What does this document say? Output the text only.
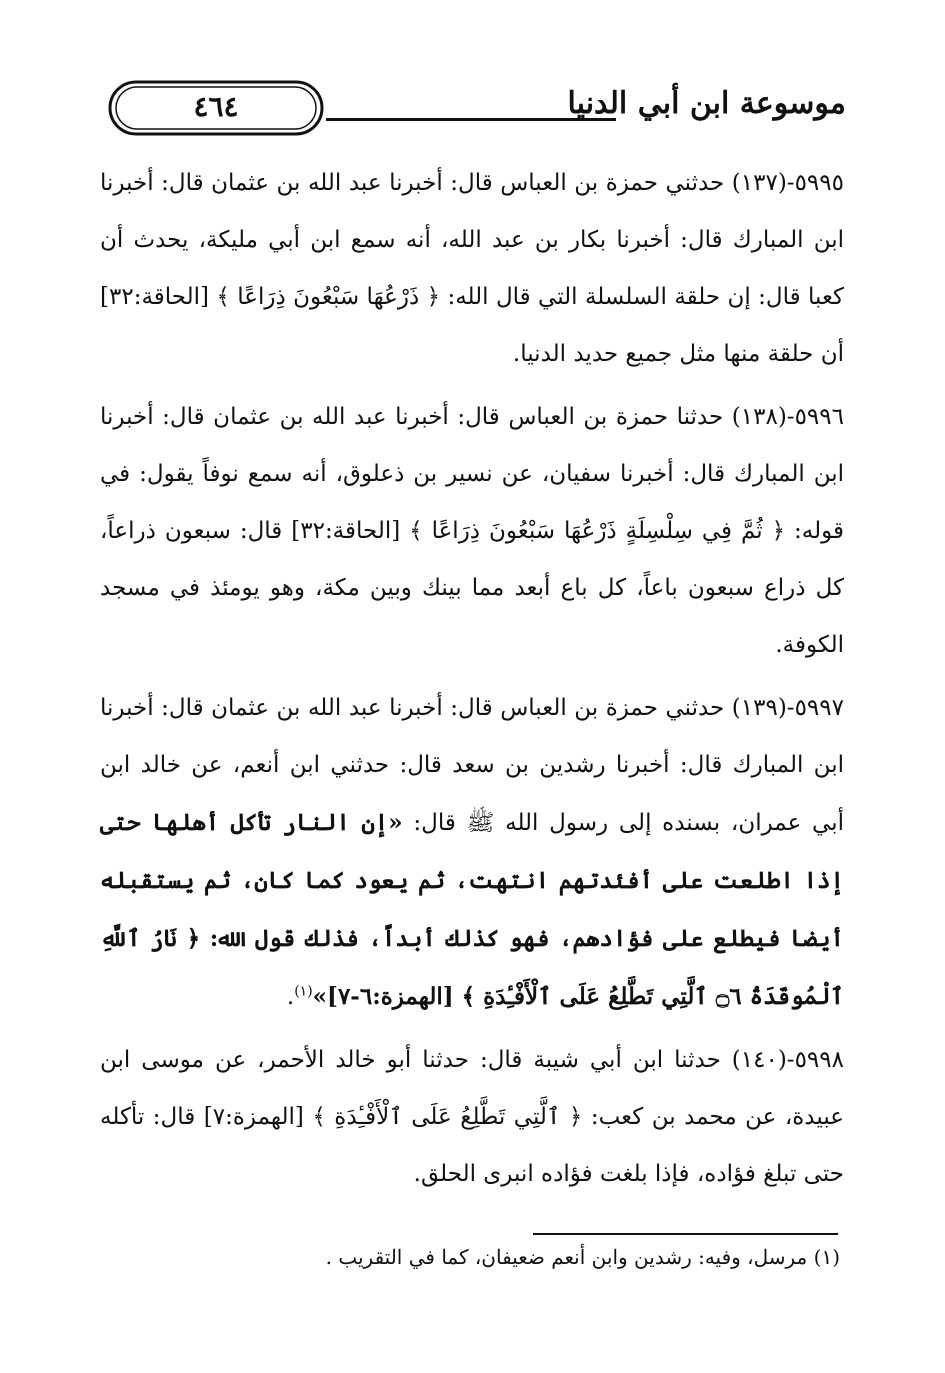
٤٦٤	موسوعة ابن أبي الدنيا

٥٩٩٥-(١٣٧) حدثني حمزة بن العباس قال: أخبرنا عبد الله بن عثمان قال: أخبرنا ابن المبارك قال: أخبرنا بكار بن عبد الله، أنه سمع ابن أبي مليكة، يحدث أن كعبا قال: إن حلقة السلسلة التي قال الله: ﴿ ذَرْعُهَا سَبْعُونَ ذِرَاعًا ﴾ [الحاقة:٣٢] أن حلقة منها مثل جميع حديد الدنيا.

٥٩٩٦-(١٣٨) حدثنا حمزة بن العباس قال: أخبرنا عبد الله بن عثمان قال: أخبرنا ابن المبارك قال: أخبرنا سفيان، عن نسير بن ذعلوق، أنه سمع نوفاً يقول: في قوله: ﴿ ثُمَّ فِي سِلْسِلَةٍ ذَرْعُهَا سَبْعُونَ ذِرَاعًا ﴾ [الحاقة:٣٢] قال: سبعون ذراعاً، كل ذراع سبعون باعاً، كل باع أبعد مما بينك وبين مكة، وهو يومئذ في مسجد الكوفة.

٥٩٩٧-(١٣٩) حدثني حمزة بن العباس قال: أخبرنا عبد الله بن عثمان قال: أخبرنا ابن المبارك قال: أخبرنا رشدين بن سعد قال: حدثني ابن أنعم، عن خالد ابن أبي عمران، بسنده إلى رسول الله ﷺ قال: «إن النار تأكل أهلها حتى إذا اطلعت على أفئدتهم انتهت، ثم يعود كما كان، ثم يستقبله أيضا فيطلع على فؤادهم، فهو كذلك أبداً، فذلك قول الله: ﴿ نَارُ ٱللَّهِ ٱلْمُوقَدَةُ ۝٦ ٱلَّتِي تَطَّلِعُ عَلَى ٱلْأَفْـِٔدَةِ ﴾ [الهمزة:٦-٧]»$^{(١)}$.

٥٩٩٨-(١٤٠) حدثنا ابن أبي شيبة قال: حدثنا أبو خالد الأحمر، عن موسى ابن عبيدة، عن محمد بن كعب: ﴿ ٱلَّتِي تَطَّلِعُ عَلَى ٱلْأَفْـِٔدَةِ ﴾ [الهمزة:٧] قال: تأكله حتى تبلغ فؤاده، فإذا بلغت فؤاده انبرى الحلق.

(١) مرسل، وفيه: رشدين وابن أنعم ضعيفان، كما في التقريب .
